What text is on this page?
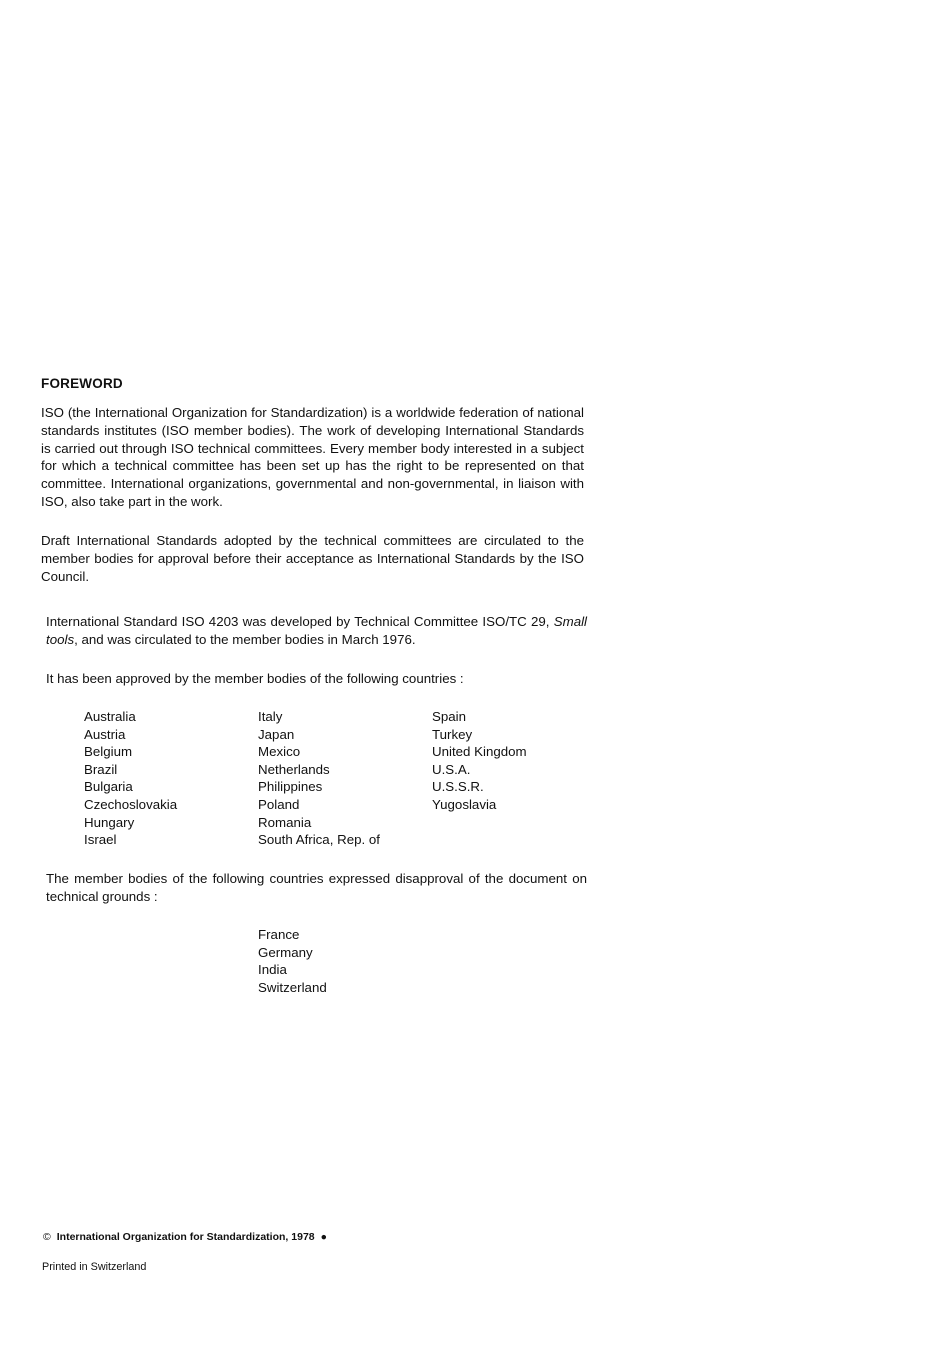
FOREWORD

ISO (the International Organization for Standardization) is a worldwide federation of national standards institutes (ISO member bodies). The work of developing International Standards is carried out through ISO technical committees. Every member body interested in a subject for which a technical committee has been set up has the right to be represented on that committee. International organizations, governmental and non-governmental, in liaison with ISO, also take part in the work.

Draft International Standards adopted by the technical committees are circulated to the member bodies for approval before their acceptance as International Standards by the ISO Council.

International Standard ISO 4203 was developed by Technical Committee ISO/TC 29, Small tools, and was circulated to the member bodies in March 1976.

It has been approved by the member bodies of the following countries :

Australia
Austria
Belgium
Brazil
Bulgaria
Czechoslovakia
Hungary
Israel
Italy
Japan
Mexico
Netherlands
Philippines
Poland
Romania
South Africa, Rep. of
Spain
Turkey
United Kingdom
U.S.A.
U.S.S.R.
Yugoslavia

The member bodies of the following countries expressed disapproval of the document on technical grounds :

France
Germany
India
Switzerland
© International Organization for Standardization, 1978 ●
Printed in Switzerland
